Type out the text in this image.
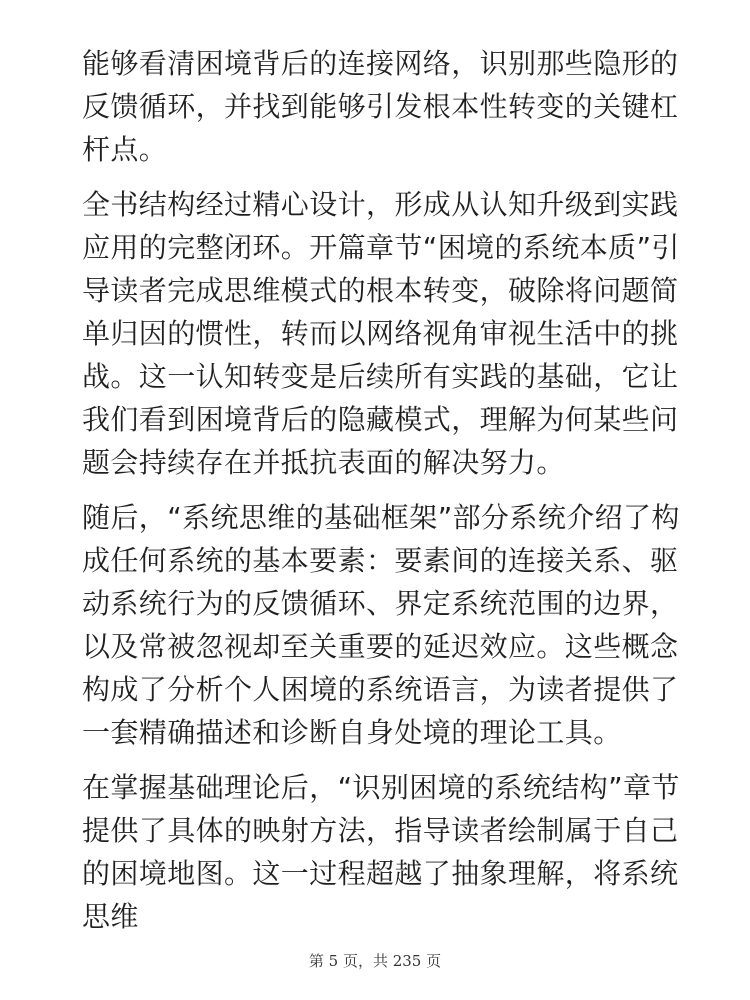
能够看清困境背后的连接网络，识别那些隐形的反馈循环，并找到能够引发根本性转变的关键杠杆点。

全书结构经过精心设计，形成从认知升级到实践应用的完整闭环。开篇章节“困境的系统本质”引导读者完成思维模式的根本转变，破除将问题简单归因的惯性，转而以网络视角审视生活中的挑战。这一认知转变是后续所有实践的基础，它让我们看到困境背后的隐藏模式，理解为何某些问题会持续存在并抵抗表面的解决努力。

随后，“系统思维的基础框架”部分系统介绍了构成任何系统的基本要素：要素间的连接关系、驱动系统行为的反馈循环、界定系统范围的边界，以及常被忽视却至关重要的延迟效应。这些概念构成了分析个人困境的系统语言，为读者提供了一套精确描述和诊断自身处境的理论工具。

在掌握基础理论后，“识别困境的系统结构”章节提供了具体的映射方法，指导读者绘制属于自己的困境地图。这一过程超越了抽象理解，将系统思维

第 5 页，共 235 页
